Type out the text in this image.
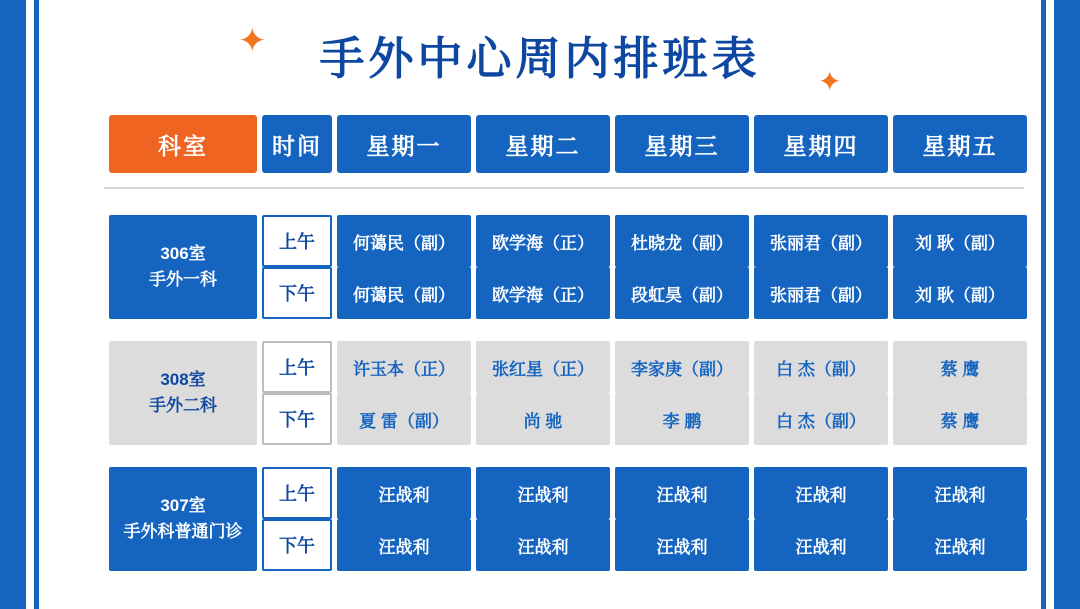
✦
✦
手外中心周内排班表
科室	时间	星期一	星期二	星期三	星期四	星期五
306室
手外一科	上午	何蔼民（副）	欧学海（正）	杜晓龙（副）	张丽君（副）	刘 耿（副）
	下午	何蔼民（副）	欧学海（正）	段虹昊（副）	张丽君（副）	刘 耿（副）

308室
手外二科	上午	许玉本（正）	张红星（正）	李家庚（副）	白 杰（副）	蔡 鹰
	下午	夏 雷（副）	尚 驰	李 鹏	白 杰（副）	蔡 鹰

307室
手外科普通门诊	上午	汪战利	汪战利	汪战利	汪战利	汪战利
	下午	汪战利	汪战利	汪战利	汪战利	汪战利
